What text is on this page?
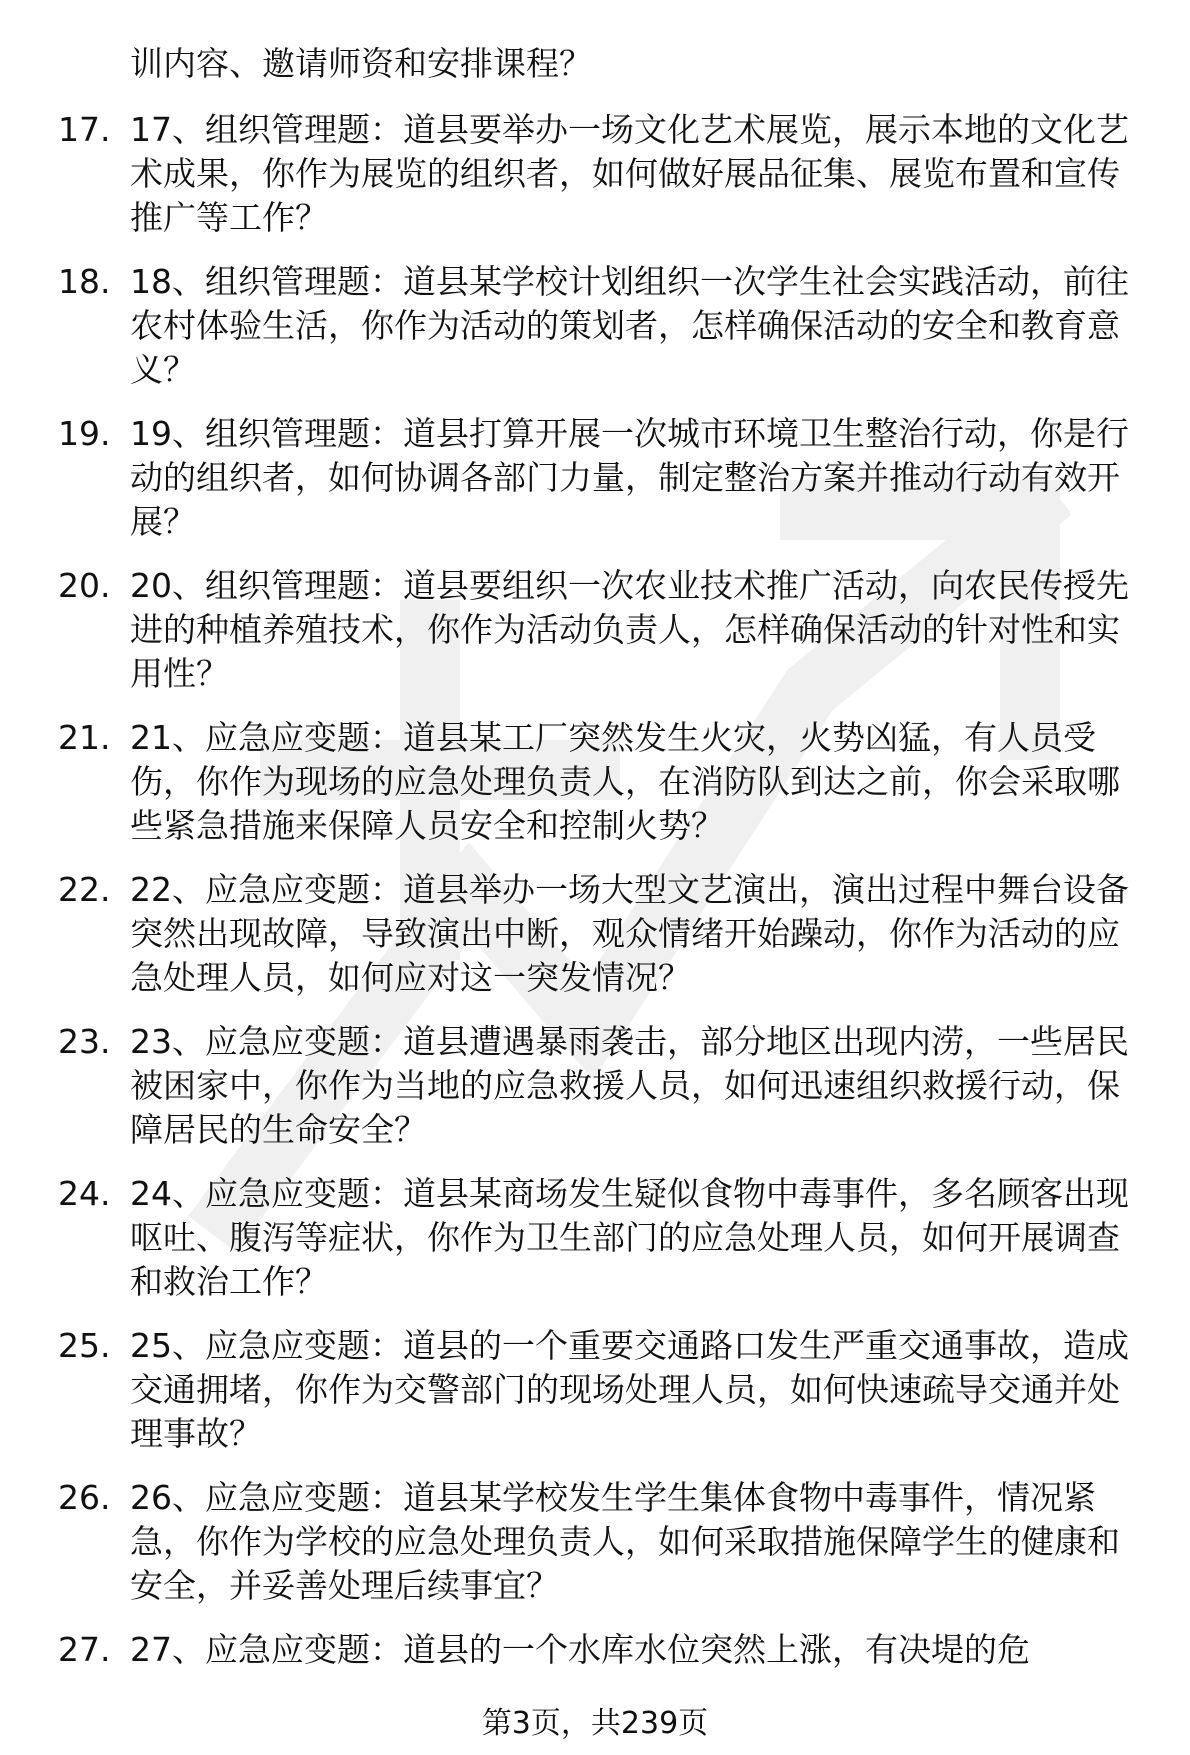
训内容、邀请师资和安排课程？

17. 17、组织管理题：道县要举办一场文化艺术展览，展示本地的文化艺术成果，你作为展览的组织者，如何做好展品征集、展览布置和宣传推广等工作？
18. 18、组织管理题：道县某学校计划组织一次学生社会实践活动，前往农村体验生活，你作为活动的策划者，怎样确保活动的安全和教育意义？
19. 19、组织管理题：道县打算开展一次城市环境卫生整治行动，你是行动的组织者，如何协调各部门力量，制定整治方案并推动行动有效开展？
20. 20、组织管理题：道县要组织一次农业技术推广活动，向农民传授先进的种植养殖技术，你作为活动负责人，怎样确保活动的针对性和实用性？
21. 21、应急应变题：道县某工厂突然发生火灾，火势凶猛，有人员受伤，你作为现场的应急处理负责人，在消防队到达之前，你会采取哪些紧急措施来保障人员安全和控制火势？
22. 22、应急应变题：道县举办一场大型文艺演出，演出过程中舞台设备突然出现故障，导致演出中断，观众情绪开始躁动，你作为活动的应急处理人员，如何应对这一突发情况？
23. 23、应急应变题：道县遭遇暴雨袭击，部分地区出现内涝，一些居民被困家中，你作为当地的应急救援人员，如何迅速组织救援行动，保障居民的生命安全？
24. 24、应急应变题：道县某商场发生疑似食物中毒事件，多名顾客出现呕吐、腹泻等症状，你作为卫生部门的应急处理人员，如何开展调查和救治工作？
25. 25、应急应变题：道县的一个重要交通路口发生严重交通事故，造成交通拥堵，你作为交警部门的现场处理人员，如何快速疏导交通并处理事故？
26. 26、应急应变题：道县某学校发生学生集体食物中毒事件，情况紧急，你作为学校的应急处理负责人，如何采取措施保障学生的健康和安全，并妥善处理后续事宜？
27. 27、应急应变题：道县的一个水库水位突然上涨，有决堤的危
第3页，共239页
